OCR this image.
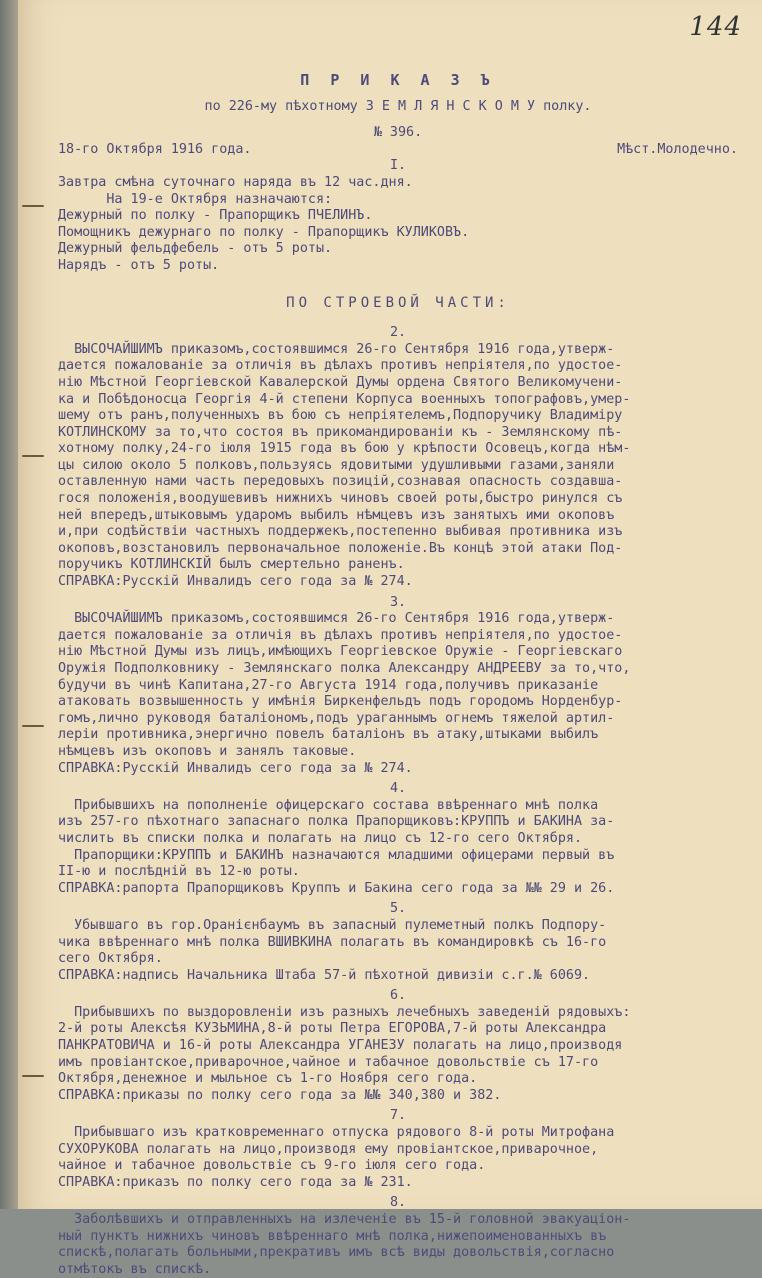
144
П Р И К А З Ъ
по 226-му пѣхотному З Е М Л Я Н С К О М У полку.
№ 396.
18-го Октября 1916 года.	Мѣст.Молодечно.
I.
Завтра смѣна суточнаго наряда въ 12 час.дня.
На 19-е Октября назначаются:
Дежурный по полку - Прапорщикъ ПЧЕЛИНЪ.
Помощникъ дежурнаго по полку - Прапорщикъ КУЛИКОВЪ.
Дежурный фельдфебель - отъ 5 роты.
Нарядъ - отъ 5 роты.
ПО СТРОЕВОЙ ЧАСТИ:
2.
ВЫСОЧАЙШИМЪ приказомъ,состоявшимся 26-го Сентября 1916 года,утверж-
дается пожалованіе за отличія въ дѣлахъ противъ непріятеля,по удостое-
нію Мѣстной Георгіевской Кавалерской Думы ордена Святого Великомучени-
ка и Побѣдоносца Георгія 4-й степени Корпуса военныхъ топографовъ,умер-
шему отъ ранъ,полученныхъ въ бою съ непріятелемъ,Подпоручику Владиміру
КОТЛИНСКОМУ за то,что состоя въ прикомандированіи къ - Землянскому пѣ-
хотному полку,24-го іюля 1915 года въ бою у крѣпости Осовецъ,когда нѣм-
цы силою около 5 полковъ,пользуясь ядовитыми удушливыми газами,заняли
оставленную нами часть передовыхъ позицій,сознавая опасность создавша-
гося положенія,воодушевивъ нижнихъ чиновъ своей роты,быстро ринулся съ
ней впередъ,штыковымъ ударомъ выбилъ нѣмцевъ изъ занятыхъ ими окоповъ
и,при содѣйствіи частныхъ поддержекъ,постепенно выбивая противника изъ
окоповъ,возстановилъ первоначальное положеніе.Въ концѣ этой атаки Под-
поручикъ КОТЛИНСКІЙ былъ смертельно раненъ.
СПРАВКА:Русскій Инвалидъ сего года за № 274.
3.
ВЫСОЧАЙШИМЪ приказомъ,состоявшимся 26-го Сентября 1916 года,утверж-
дается пожалованіе за отличія въ дѣлахъ противъ непріятеля,по удостое-
нію Мѣстной Думы изъ лицъ,имѣющихъ Георгіевское Оружіе - Георгіевскаго
Оружія Подполковнику - Землянскаго полка Александру АНДРЕЕВУ за то,что,
будучи въ чинѣ Капитана,27-го Августа 1914 года,получивъ приказаніе
атаковать возвышенность у имѣнія Биркенфельдъ подъ городомъ Норденбур-
гомъ,лично руководя баталіономъ,подъ ураганнымъ огнемъ тяжелой артил-
леріи противника,энергично повелъ баталіонъ въ атаку,штыками выбилъ
нѣмцевъ изъ окоповъ и занялъ таковые.
СПРАВКА:Русскій Инвалидъ сего года за № 274.
4.
Прибывшихъ на пополненіе офицерскаго состава ввѣреннаго мнѣ полка
изъ 257-го пѣхотнаго запаснаго полка Прапорщиковъ:КРУППЪ и БАКИНА за-
числить въ списки полка и полагать на лицо съ 12-го сего Октября.
Прапорщики:КРУППЪ и БАКИНЪ назначаются младшими офицерами первый въ
II-ю и послѣдній въ 12-ю роты.
СПРАВКА:рапорта Прапорщиковъ Круппъ и Бакина сего года за №№ 29 и 26.
5.
Убывшаго въ гор.Оранієнбаумъ въ запасный пулеметный полкъ Подпору-
чика ввѣреннаго мнѣ полка ВШИВКИНА полагать въ командировкѣ съ 16-го
сего Октября.
СПРАВКА:надпись Начальника Штаба 57-й пѣхотной дивизіи с.г.№ 6069.
6.
Прибывшихъ по выздоровленіи изъ разныхъ лечебныхъ заведеній рядовыхъ:
2-й роты Алексѣя КУЗЬМИНА,8-й роты Петра ЕГОРОВА,7-й роты Александра
ПАНКРАТОВИЧА и 16-й роты Александра УГАНЕЗУ полагать на лицо,производя
имъ провіантское,приварочное,чайное и табачное довольствіе съ 17-го
Октября,денежное и мыльное съ 1-го Ноября сего года.
СПРАВКА:приказы по полку сего года за №№ 340,380 и 382.
7.
Прибывшаго изъ кратковременнаго отпуска рядового 8-й роты Митрофана
СУХОРУКОВА полагать на лицо,производя ему провіантское,приварочное,
чайное и табачное довольствіе съ 9-го іюля сего года.
СПРАВКА:приказъ по полку сего года за № 231.
8.
Заболѣвшихъ и отправленныхъ на излеченіе въ 15-й головной эвакуаціон-
ный пунктъ нижнихъ чиновъ ввѣреннаго мнѣ полка,нижепоименованныхъ въ
спискѣ,полагать больными,прекративъ имъ всѣ виды довольствія,согласно
отмѣтокъ въ спискѣ.
